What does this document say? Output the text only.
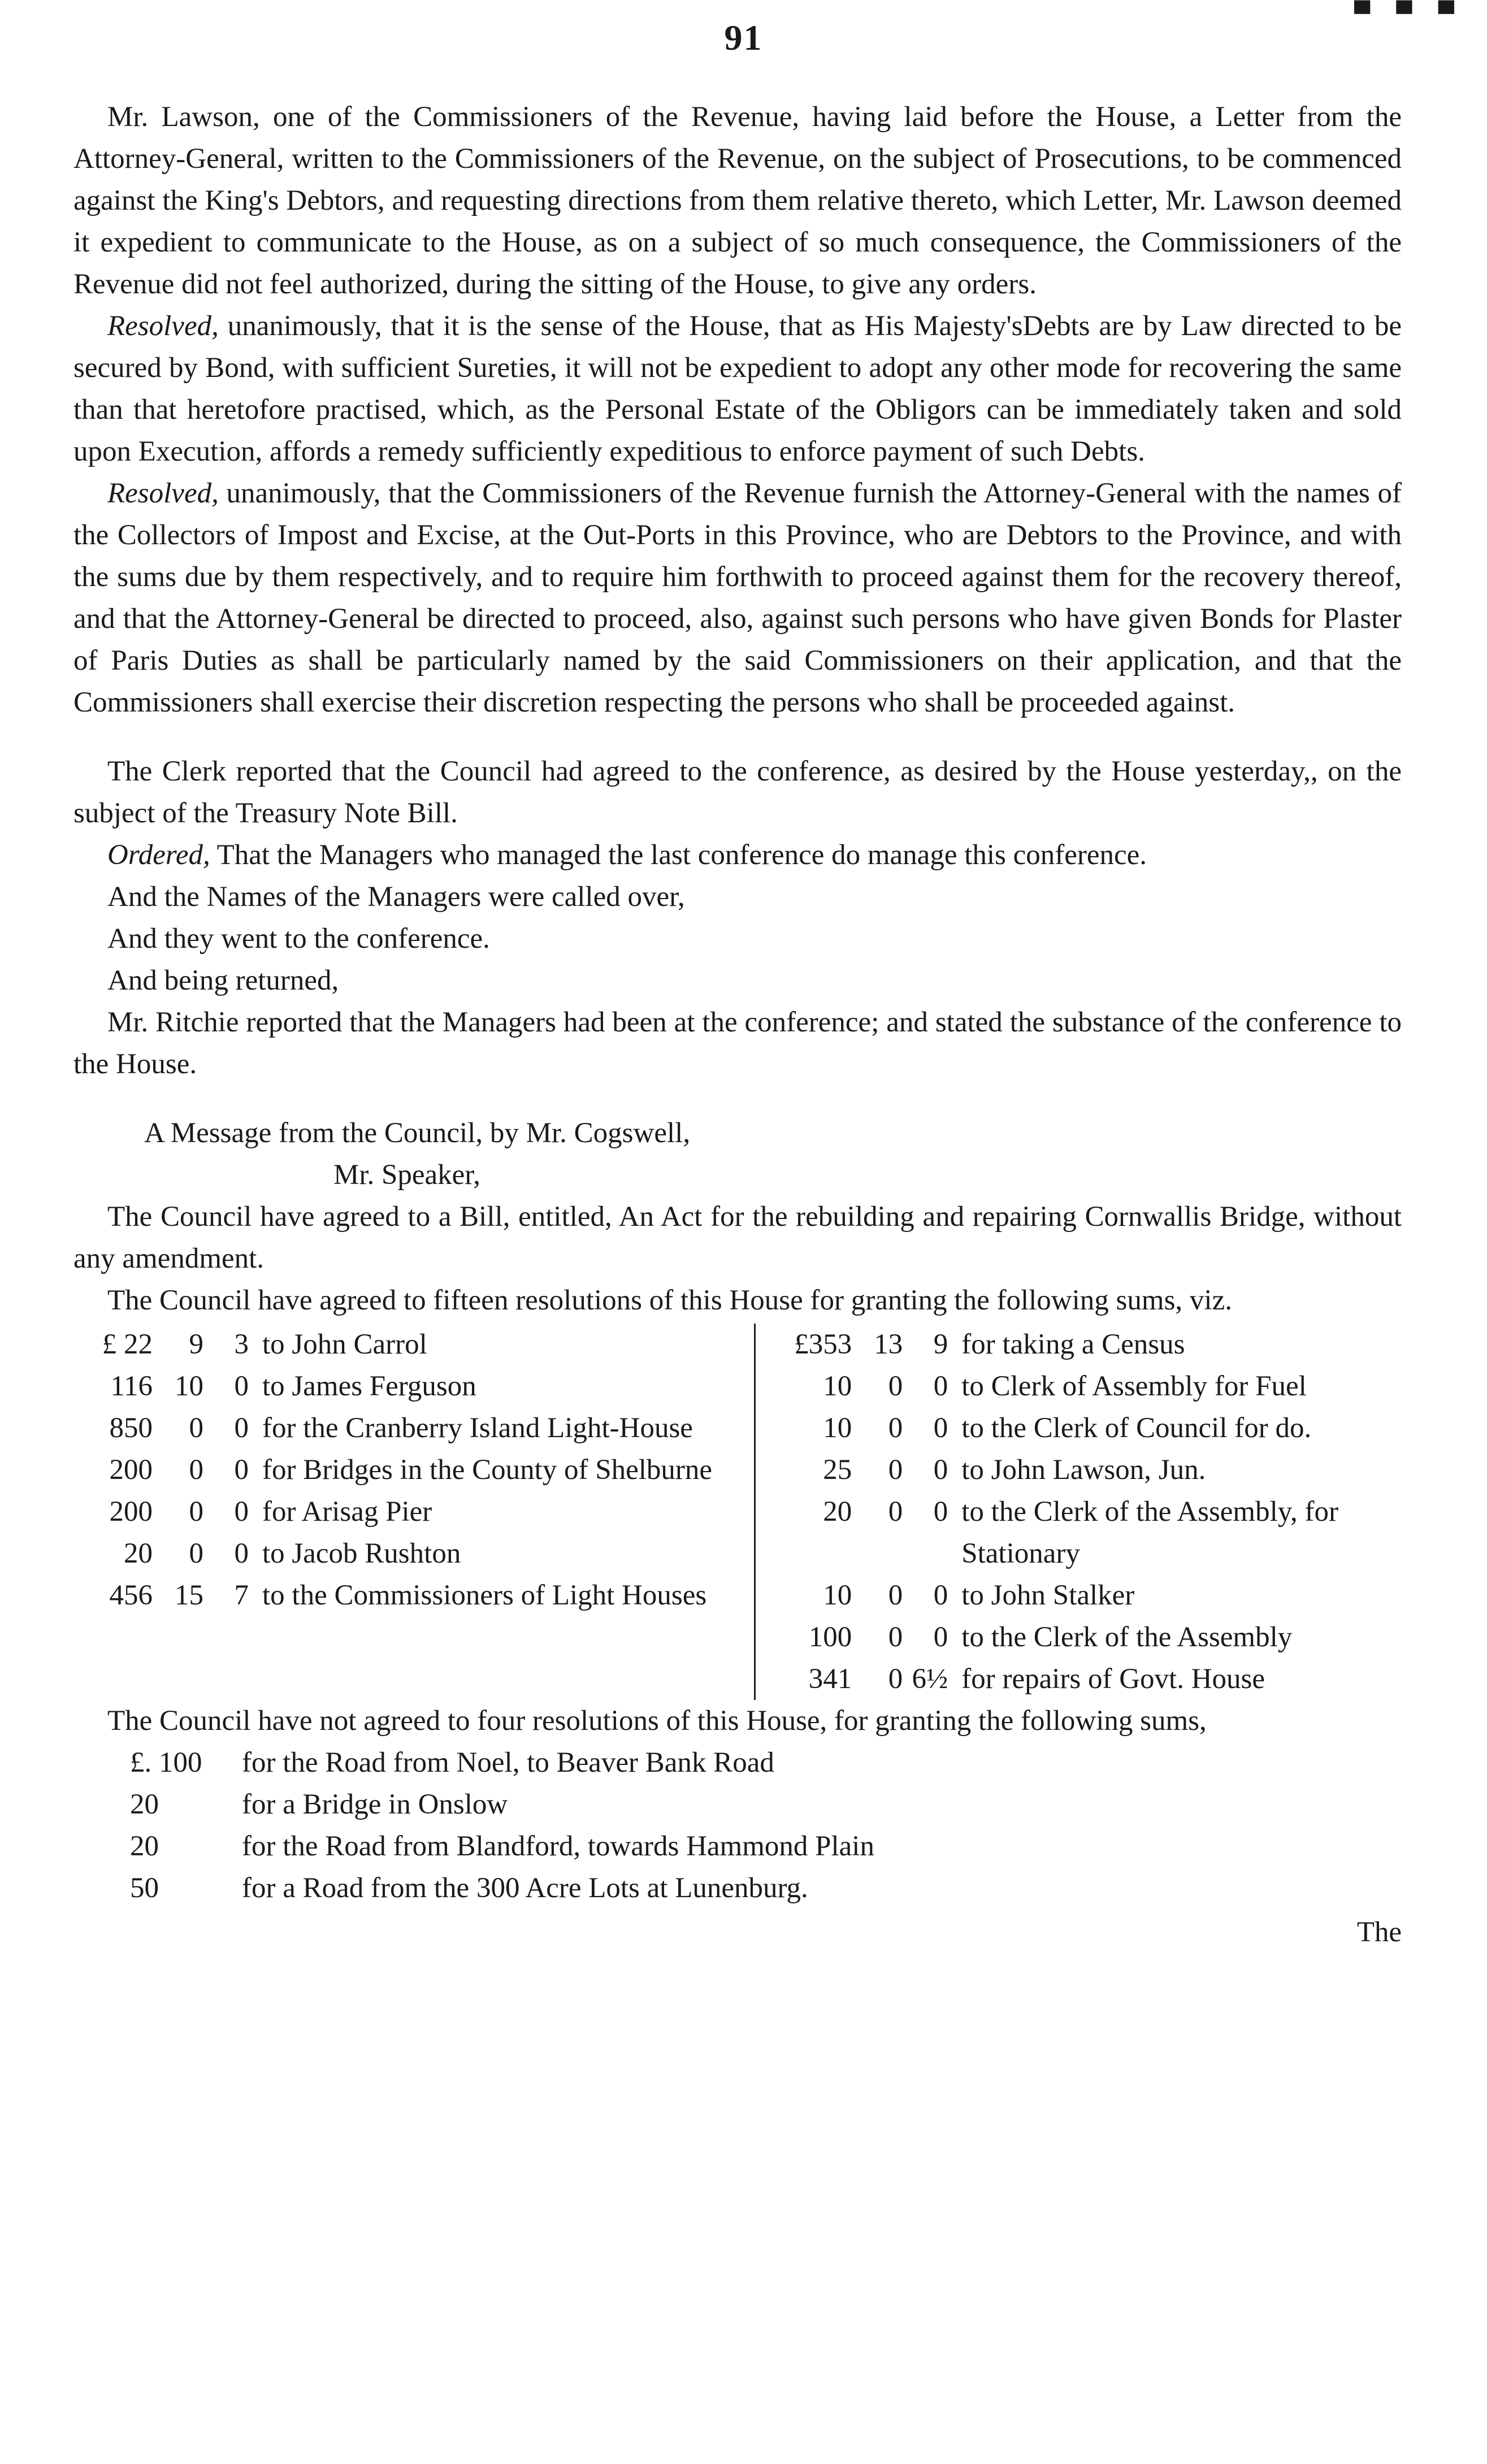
91
▀ ▀ ▀

Mr. Lawson, one of the Commissioners of the Revenue, having laid before the House, a Letter from the Attorney-General, written to the Commissioners of the Revenue, on the subject of Prosecutions, to be commenced against the King's Debtors, and requesting directions from them relative thereto, which Letter, Mr. Lawson deemed it expedient to communicate to the House, as on a subject of so much consequence, the Commissioners of the Revenue did not feel authorized, during the sitting of the House, to give any orders.

Resolved, unanimously, that it is the sense of the House, that as His Majesty'sDebts are by Law directed to be secured by Bond, with sufficient Sureties, it will not be expedient to adopt any other mode for recovering the same than that heretofore practised, which, as the Personal Estate of the Obligors can be immediately taken and sold upon Execution, affords a remedy sufficiently expeditious to enforce payment of such Debts.

Resolved, unanimously, that the Commissioners of the Revenue furnish the Attorney-General with the names of the Collectors of Impost and Excise, at the Out-Ports in this Province, who are Debtors to the Province, and with the sums due by them respectively, and to require him forthwith to proceed against them for the recovery thereof, and that the Attorney-General be directed to proceed, also, against such persons who have given Bonds for Plaster of Paris Duties as shall be particularly named by the said Commissioners on their application, and that the Commissioners shall exercise their discretion respecting the persons who shall be proceeded against.

The Clerk reported that the Council had agreed to the conference, as desired by the House yesterday,, on the subject of the Treasury Note Bill.

Ordered, That the Managers who managed the last conference do manage this conference.

And the Names of the Managers were called over,

And they went to the conference.

And being returned,

Mr. Ritchie reported that the Managers had been at the conference; and stated the substance of the conference to the House.

A Message from the Council, by Mr. Cogswell,

Mr. Speaker,

The Council have agreed to a Bill, entitled, An Act for the rebuilding and repairing Cornwallis Bridge, without any amendment.

The Council have agreed to fifteen resolutions of this House for granting the following sums, viz.

£ 22	9	3 to John Carrol
116 10	0 to James Ferguson
850	0	0 for the Cranberry Island Light-House
200	0	0 for Bridges in the County of Shelburne
200	0	0 for Arisag Pier
20	0	0 to Jacob Rushton
456 15	7 to the Commissioners of Light Houses
£353 13	9 for taking a Census
10	0	0 to Clerk of Assembly for Fuel
10	0	0 to the Clerk of Council for do.
25	0	0 to John Lawson, Jun.
20	0	0 to the Clerk of the Assembly, for Stationary
10	0	0 to John Stalker
100	0	0 to the Clerk of the Assembly
341	0 6½ for repairs of Govt. House

The Council have not agreed to four resolutions of this House, for granting the following sums,

£. 100	for the Road from Noel, to Beaver Bank Road
20	for a Bridge in Onslow
20	for the Road from Blandford, towards Hammond Plain
50	for a Road from the 300 Acre Lots at Lunenburg.

The
